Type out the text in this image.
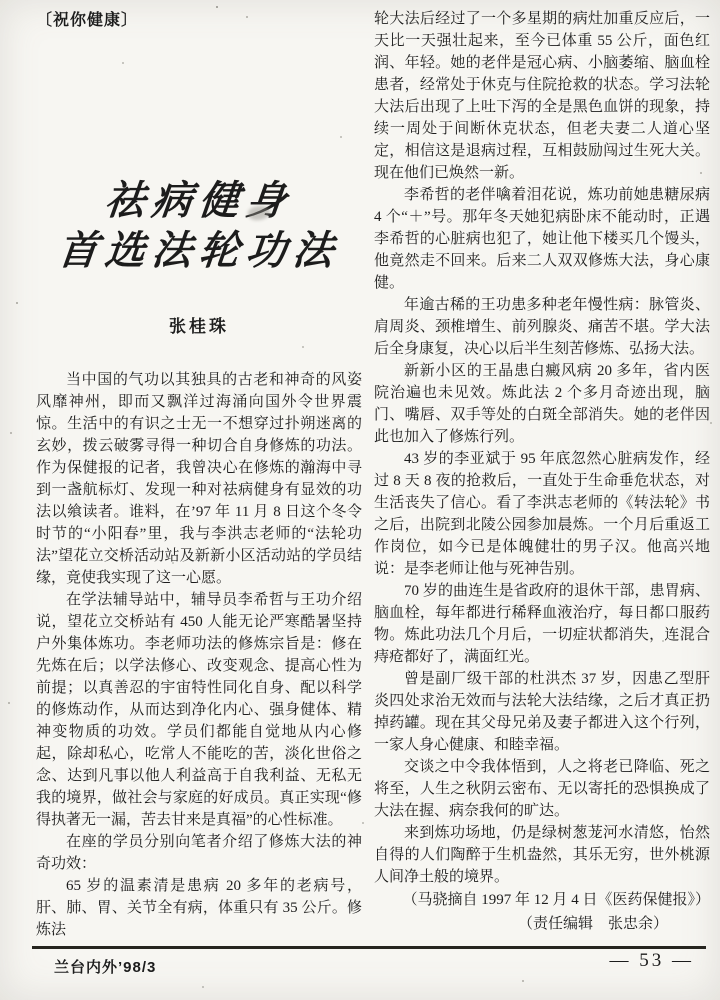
〔祝你健康〕
祛病健身
首选法轮功法
张桂珠

当中国的气功以其独具的古老和神奇的风姿风靡神州，即而又飘洋过海涌向国外令世界震惊。生活中的有识之士无一不想穿过扑朔迷离的玄妙，拨云破雾寻得一种切合自身修炼的功法。作为保健报的记者，我曾决心在修炼的瀚海中寻到一盏航标灯、发现一种对祛病健身有显效的功法以飨读者。谁料，在’97 年 11 月 8 日这个冬令时节的“小阳春”里，我与李洪志老师的“法轮功法”望花立交桥活动站及新新小区活动站的学员结缘，竟使我实现了这一心愿。

在学法辅导站中，辅导员李希哲与王功介绍说，望花立交桥站有 450 人能无论严寒酷暑坚持户外集体炼功。李老师功法的修炼宗旨是：修在先炼在后；以学法修心、改变观念、提高心性为前提；以真善忍的宇宙特性同化自身、配以科学的修炼动作，从而达到净化内心、强身健体、精神变物质的功效。学员们都能自觉地从内心修起，除却私心，吃常人不能吃的苦，淡化世俗之念、达到凡事以他人利益高于自我利益、无私无我的境界，做社会与家庭的好成员。真正实现“修得执著无一漏，苦去甘来是真福”的心性标准。

在座的学员分别向笔者介绍了修炼大法的神奇功效：

65 岁的温素清是患病 20 多年的老病号，肝、肺、胃、关节全有病，体重只有 35 公斤。修炼法

轮大法后经过了一个多星期的病灶加重反应后，一天比一天强壮起来，至今已体重 55 公斤，面色红润、年轻。她的老伴是冠心病、小脑萎缩、脑血栓患者，经常处于休克与住院抢救的状态。学习法轮大法后出现了上吐下泻的全是黑色血饼的现象，持续一周处于间断休克状态，但老夫妻二人道心坚定，相信这是退病过程，互相鼓励闯过生死大关。现在他们已焕然一新。

李希哲的老伴噙着泪花说，炼功前她患糖尿病 4 个“＋”号。那年冬天她犯病卧床不能动时，正遇李希哲的心脏病也犯了，她让他下楼买几个馒头，他竟然走不回来。后来二人双双修炼大法，身心康健。

年逾古稀的王功患多种老年慢性病：脉管炎、肩周炎、颈椎增生、前列腺炎、痛苦不堪。学大法后全身康复，决心以后半生刻苦修炼、弘扬大法。

新新小区的王晶患白癜风病 20 多年，省内医院治遍也未见效。炼此法 2 个多月奇迹出现，脑门、嘴唇、双手等处的白斑全部消失。她的老伴因此也加入了修炼行列。

43 岁的李亚斌于 95 年底忽然心脏病发作，经过 8 天 8 夜的抢救后，一直处于生命垂危状态，对生活丧失了信心。看了李洪志老师的《转法轮》书之后，出院到北陵公园参加晨炼。一个月后重返工作岗位，如今已是体魄健壮的男子汉。他高兴地说：是李老师让他与死神告别。

70 岁的曲连生是省政府的退休干部，患胃病、脑血栓，每年都进行稀释血液治疗，每日都口服药物。炼此功法几个月后，一切症状都消失，连混合痔疮都好了，满面红光。

曾是副厂级干部的杜洪杰 37 岁，因患乙型肝炎四处求治无效而与法轮大法结缘，之后才真正扔掉药罐。现在其父母兄弟及妻子都进入这个行列，一家人身心健康、和睦幸福。

交谈之中令我体悟到，人之将老已降临、死之将至，人生之秋阴云密布、无以寄托的恐惧换成了大法在握、病奈我何的旷达。

来到炼功场地，仍是绿树葱茏河水清悠，怡然自得的人们陶醉于生机盎然，其乐无穷，世外桃源人间净土般的境界。

（马骁摘自 1997 年 12 月 4 日《医药保健报》）

（责任编辑　张忠余）

兰台内外’98/3	— 53 —
